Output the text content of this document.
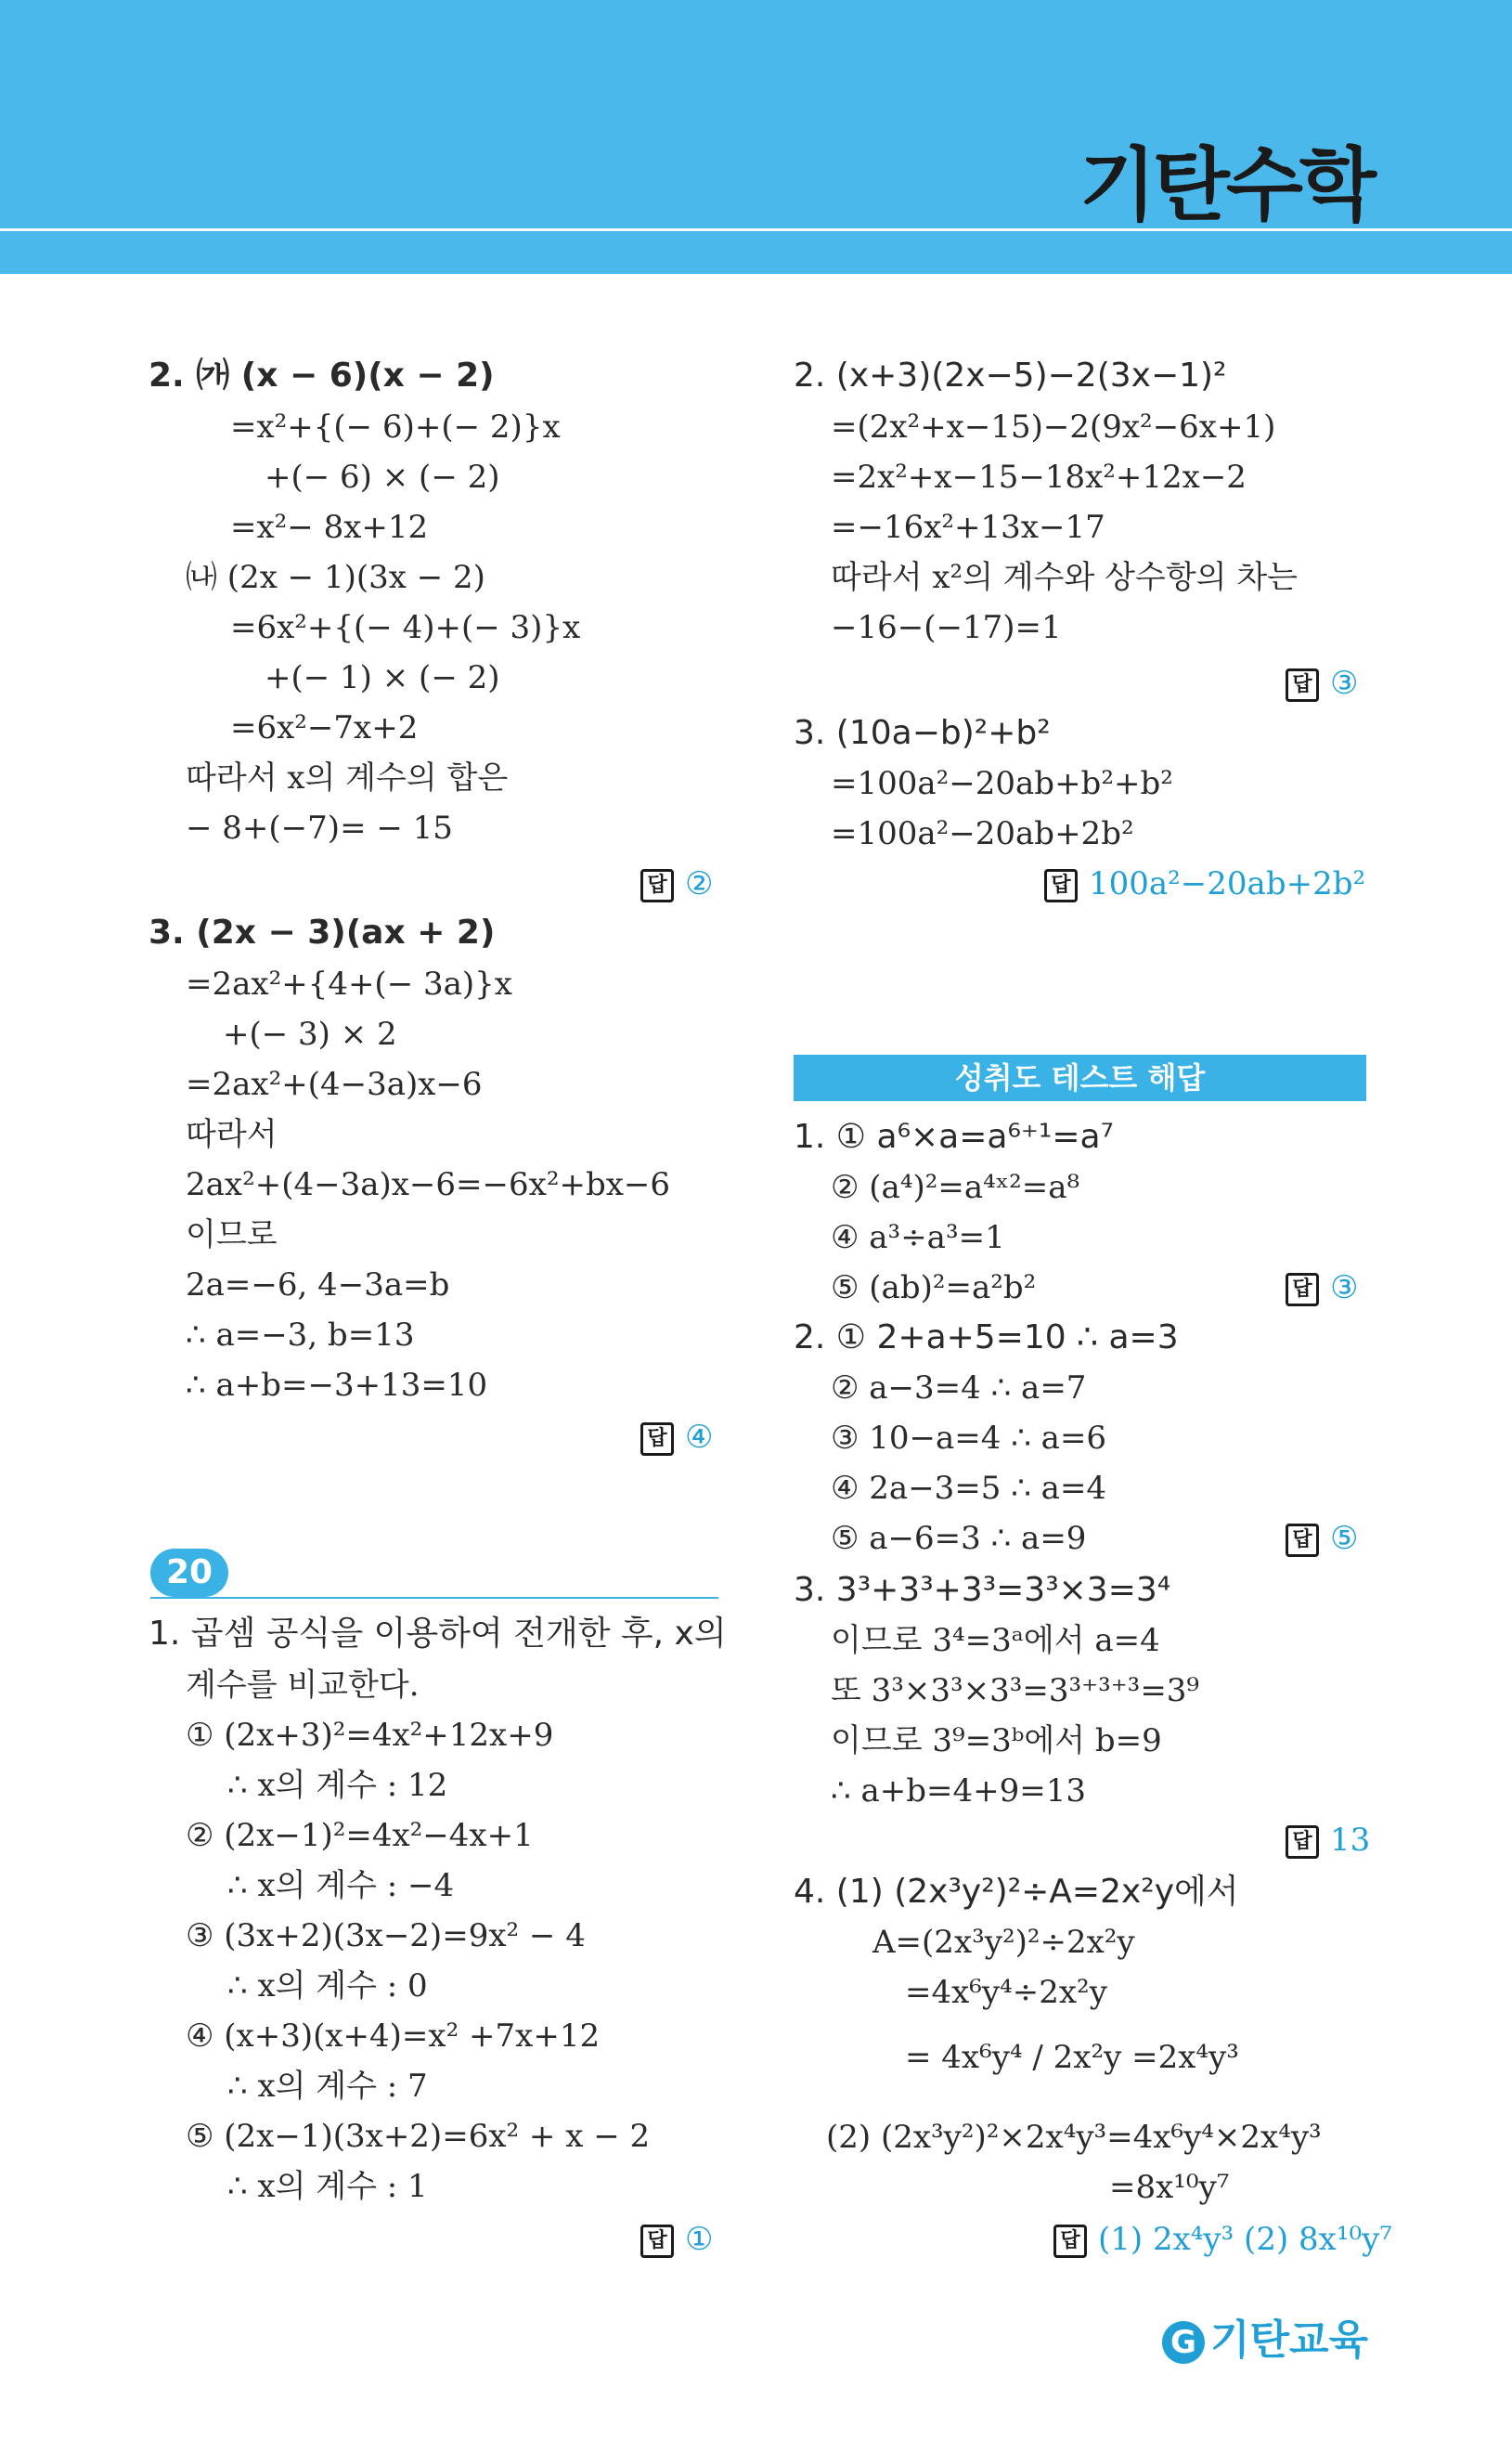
기탄수학
2. ㈎ (x − 6)(x − 2)
=x²+{(− 6)+(− 2)}x
+(− 6) × (− 2)
=x²− 8x+12
㈏ (2x − 1)(3x − 2)
=6x²+{(− 4)+(− 3)}x
+(− 1) × (− 2)
=6x²−7x+2
따라서 x의 계수의 합은
− 8+(−7)= − 15
답 ②
3. (2x − 3)(ax + 2)
=2ax²+{4+(− 3a)}x
+(− 3) × 2
=2ax²+(4−3a)x−6
따라서
2ax²+(4−3a)x−6=−6x²+bx−6
이므로
2a=−6, 4−3a=b
∴ a=−3, b=13
∴ a+b=−3+13=10
답 ④
20
1. 곱셈 공식을 이용하여 전개한 후, x의
계수를 비교한다.
① (2x+3)²=4x²+12x+9
∴ x의 계수 : 12
② (2x−1)²=4x²−4x+1
∴ x의 계수 : −4
③ (3x+2)(3x−2)=9x² − 4
∴ x의 계수 : 0
④ (x+3)(x+4)=x² +7x+12
∴ x의 계수 : 7
⑤ (2x−1)(3x+2)=6x² + x − 2
∴ x의 계수 : 1
답 ①
2. (x+3)(2x−5)−2(3x−1)²
=(2x²+x−15)−2(9x²−6x+1)
=2x²+x−15−18x²+12x−2
=−16x²+13x−17
따라서 x²의 계수와 상수항의 차는
−16−(−17)=1
답 ③
3. (10a−b)²+b²
=100a²−20ab+b²+b²
=100a²−20ab+2b²
답 100a²−20ab+2b²
성취도 테스트 해답
1. ① a⁶×a=a⁶⁺¹=a⁷
② (a⁴)²=a⁴ˣ²=a⁸
④ a³÷a³=1
⑤ (ab)²=a²b²	답 ③
2. ① 2+a+5=10 ∴ a=3
② a−3=4 ∴ a=7
③ 10−a=4 ∴ a=6
④ 2a−3=5 ∴ a=4
⑤ a−6=3 ∴ a=9	답 ⑤
3. 3³+3³+3³=3³×3=3⁴
이므로 3⁴=3ᵃ에서 a=4
또 3³×3³×3³=3³⁺³⁺³=3⁹
이므로 3⁹=3ᵇ에서 b=9
∴ a+b=4+9=13
답 13
4. (1) (2x³y²)²÷A=2x²y에서
A=(2x³y²)²÷2x²y
=4x⁶y⁴÷2x²y
= 4x⁶y⁴ / 2x²y =2x⁴y³
(2) (2x³y²)²×2x⁴y³=4x⁶y⁴×2x⁴y³
=8x¹⁰y⁷
답 (1) 2x⁴y³ (2) 8x¹⁰y⁷
G 기탄교육
